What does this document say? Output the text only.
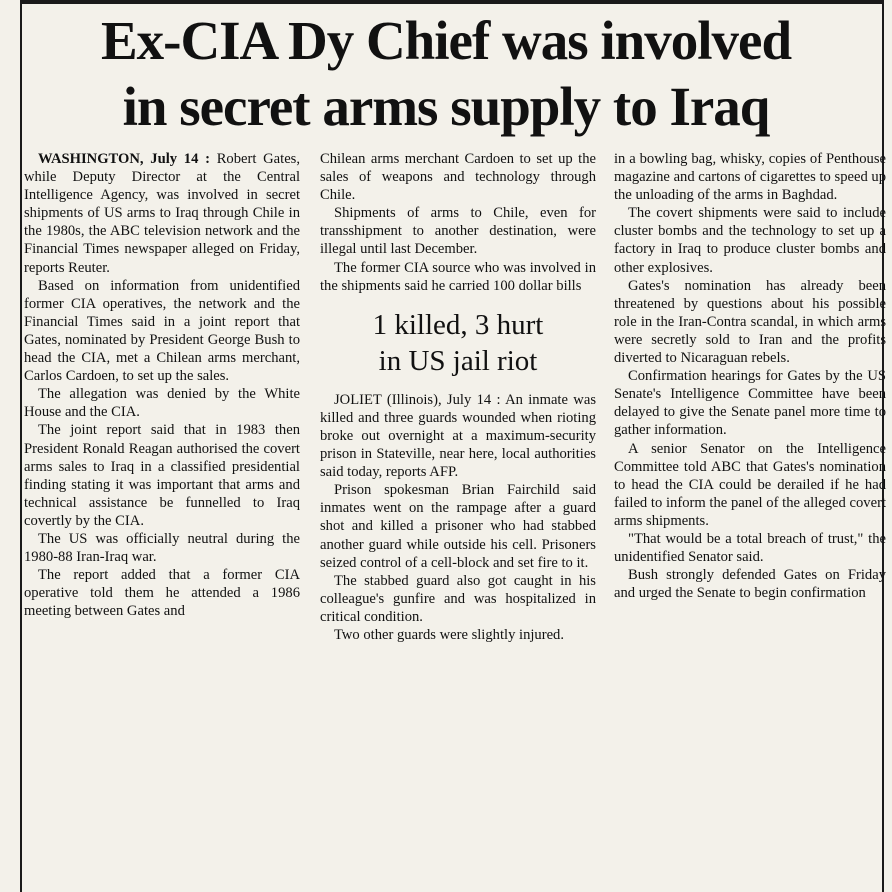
Ex-CIA Dy Chief was involved
in secret arms supply to Iraq

WASHINGTON, July 14 : Robert Gates, while Deputy Director at the Central Intelligence Agency, was involved in secret shipments of US arms to Iraq through Chile in the 1980s, the ABC television network and the Financial Times newspaper alleged on Friday, reports Reuter.

Based on information from unidentified former CIA operatives, the network and the Financial Times said in a joint report that Gates, nominated by President George Bush to head the CIA, met a Chilean arms merchant, Carlos Cardoen, to set up the sales.

The allegation was denied by the White House and the CIA.

The joint report said that in 1983 then President Ronald Reagan authorised the covert arms sales to Iraq in a classified presidential finding stating it was important that arms and technical assistance be funnelled to Iraq covertly by the CIA.

The US was officially neutral during the 1980-88 Iran-Iraq war.

The report added that a former CIA operative told them he attended a 1986 meeting between Gates and

Chilean arms merchant Cardoen to set up the sales of weapons and technology through Chile.

Shipments of arms to Chile, even for transshipment to another destination, were illegal until last December.

The former CIA source who was involved in the shipments said he carried 100 dollar bills

1 killed, 3 hurt
in US jail riot

JOLIET (Illinois), July 14 : An inmate was killed and three guards wounded when rioting broke out overnight at a maximum-security prison in Stateville, near here, local authorities said today, reports AFP.

Prison spokesman Brian Fairchild said inmates went on the rampage after a guard shot and killed a prisoner who had stabbed another guard while outside his cell. Prisoners seized control of a cell-block and set fire to it.

The stabbed guard also got caught in his colleague's gunfire and was hospitalized in critical condition.

Two other guards were slightly injured.

in a bowling bag, whisky, copies of Penthouse magazine and cartons of cigarettes to speed up the unloading of the arms in Baghdad.

The covert shipments were said to include cluster bombs and the technology to set up a factory in Iraq to produce cluster bombs and other explosives.

Gates's nomination has already been threatened by questions about his possible role in the Iran-Contra scandal, in which arms were secretly sold to Iran and the profits diverted to Nicaraguan rebels.

Confirmation hearings for Gates by the US Senate's Intelligence Committee have been delayed to give the Senate panel more time to gather information.

A senior Senator on the Intelligence Committee told ABC that Gates's nomination to head the CIA could be derailed if he had failed to inform the panel of the alleged covert arms shipments.

"That would be a total breach of trust," the unidentified Senator said.

Bush strongly defended Gates on Friday and urged the Senate to begin confirmation
